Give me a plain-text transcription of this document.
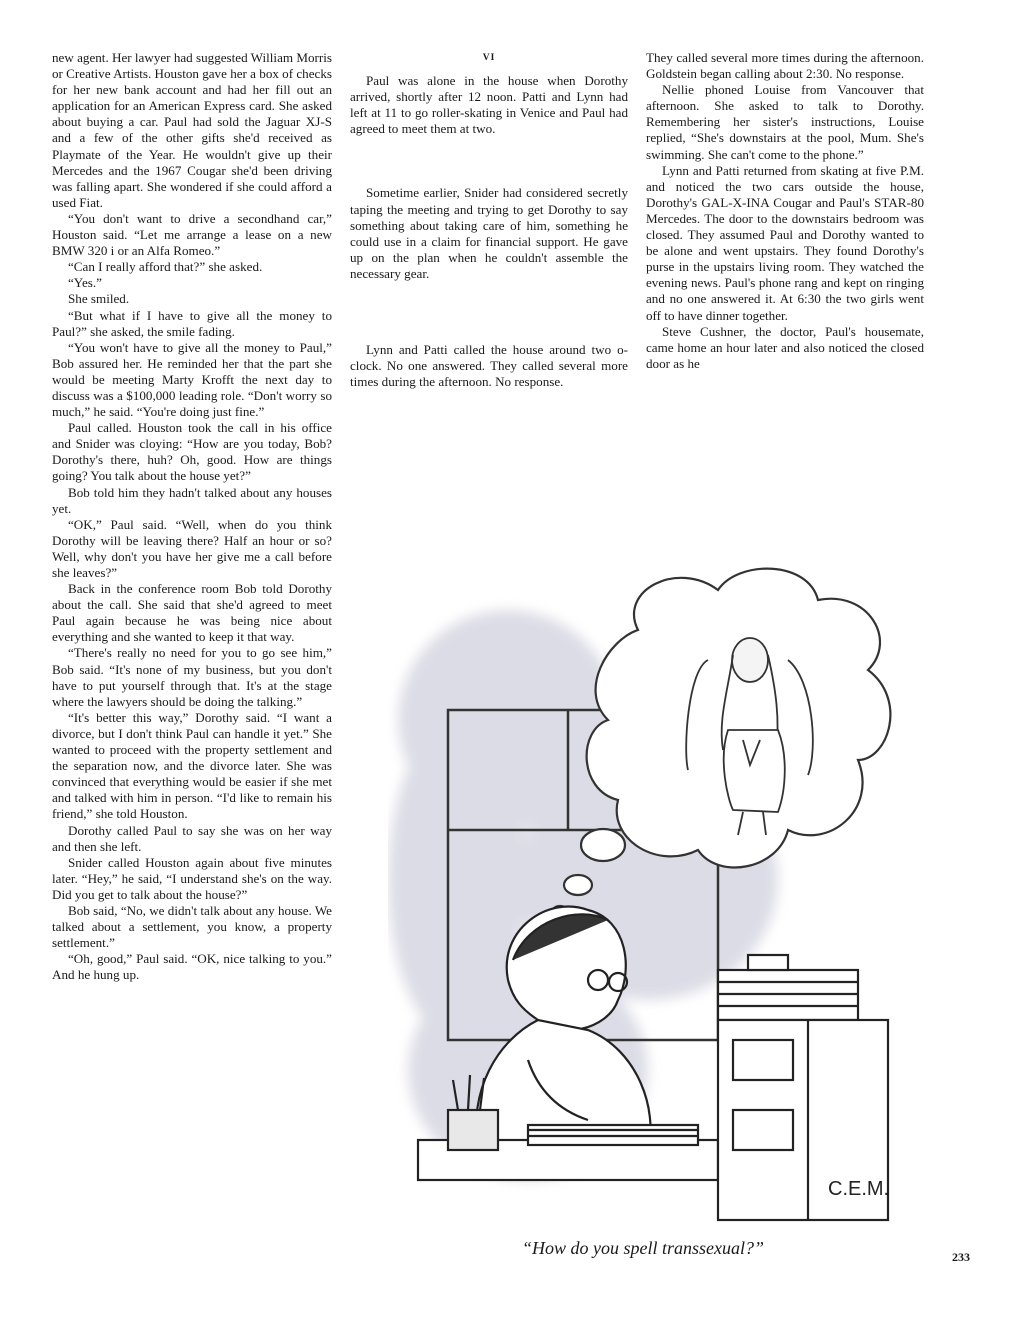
new agent. Her lawyer had suggested William Morris or Creative Artists. Houston gave her a box of checks for her new bank account and had her fill out an application for an American Express card. She asked about buying a car. Paul had sold the Jaguar XJ-S and a few of the other gifts she'd received as Playmate of the Year. He wouldn't give up their Mercedes and the 1967 Cougar she'd been driving was falling apart. She wondered if she could afford a used Fiat.

“You don't want to drive a secondhand car,” Houston said. “Let me arrange a lease on a new BMW 320 i or an Alfa Romeo.”

“Can I really afford that?” she asked.

“Yes.”

She smiled.

“But what if I have to give all the money to Paul?” she asked, the smile fading.

“You won't have to give all the money to Paul,” Bob assured her. He reminded her that the part she would be meeting Marty Krofft the next day to discuss was a $100,000 leading role. “Don't worry so much,” he said. “You're doing just fine.”

Paul called. Houston took the call in his office and Snider was cloying: “How are you today, Bob? Dorothy's there, huh? Oh, good. How are things going? You talk about the house yet?”

Bob told him they hadn't talked about any houses yet.

“OK,” Paul said. “Well, when do you think Dorothy will be leaving there? Half an hour or so? Well, why don't you have her give me a call before she leaves?”

Back in the conference room Bob told Dorothy about the call. She said that she'd agreed to meet Paul again because he was being nice about everything and she wanted to keep it that way.

“There's really no need for you to go see him,” Bob said. “It's none of my business, but you don't have to put yourself through that. It's at the stage where the lawyers should be doing the talking.”

“It's better this way,” Dorothy said. “I want a divorce, but I don't think Paul can handle it yet.” She wanted to proceed with the property settlement and the separation now, and the divorce later. She was convinced that everything would be easier if she met and talked with him in person. “I'd like to remain his friend,” she told Houston.

Dorothy called Paul to say she was on her way and then she left.

Snider called Houston again about five minutes later. “Hey,” he said, “I understand she's on the way. Did you get to talk about the house?”

Bob said, “No, we didn't talk about any house. We talked about a settlement, you know, a property settlement.”

“Oh, good,” Paul said. “OK, nice talking to you.” And he hung up.

VI

Paul was alone in the house when Dorothy arrived, shortly after 12 noon. Patti and Lynn had left at 11 to go roller-skating in Venice and Paul had agreed to meet them at two.

Sometime earlier, Snider had considered secretly taping the meeting and trying to get Dorothy to say something about taking care of him, something he could use in a claim for financial support. He gave up on the plan when he couldn't assemble the necessary gear.

Lynn and Patti called the house around two o-clock. No one answered. They called several more times during the afternoon. No response.

They called several more times during the afternoon. Goldstein began calling about 2:30. No response.

Nellie phoned Louise from Vancouver that afternoon. She asked to talk to Dorothy. Remembering her sister's instructions, Louise replied, “She's downstairs at the pool, Mum. She's swimming. She can't come to the phone.”

Lynn and Patti returned from skating at five P.M. and noticed the two cars outside the house, Dorothy's GAL-X-INA Cougar and Paul's STAR-80 Mercedes. The door to the downstairs bedroom was closed. They assumed Paul and Dorothy wanted to be alone and went upstairs. They found Dorothy's purse in the upstairs living room. They watched the evening news. Paul's phone rang and kept on ringing and no one answered it. At 6:30 the two girls went off to have dinner together.

Steve Cushner, the doctor, Paul's housemate, came home an hour later and also noticed the closed door as he

C.E.M.
“How do you spell transsexual?”	233
